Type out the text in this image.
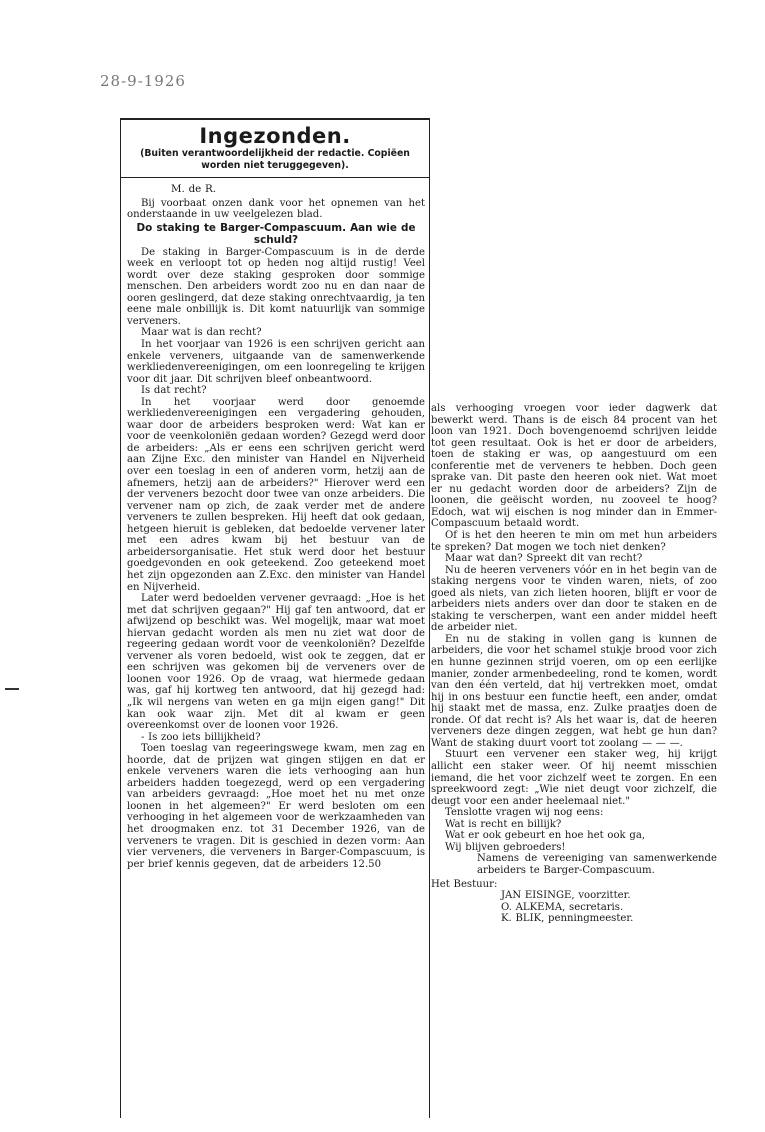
28-9-1926
Ingezonden.
(Buiten verantwoordelijkheid der redactie. Copiëen worden niet teruggegeven).
M. de R.

Bij voorbaat onzen dank voor het opnemen van het onderstaande in uw veelgelezen blad.

Do staking te Barger-Compascuum. Aan wie de schuld?

De staking in Barger-Compascuum is in de derde week en verloopt tot op heden nog altijd rustig! Veel wordt over deze staking gesproken door sommige menschen. Den arbeiders wordt zoo nu en dan naar de ooren geslingerd, dat deze staking onrechtvaardig, ja ten eene male onbillijk is. Dit komt natuurlijk van sommige verveners.

Maar wat is dan recht?

In het voorjaar van 1926 is een schrijven gericht aan enkele verveners, uitgaande van de samenwerkende werkliedenvereenigingen, om een loonregeling te krijgen voor dit jaar. Dit schrijven bleef onbeantwoord.

Is dat recht?

In het voorjaar werd door genoemde werkliedenvereenigingen een vergadering gehouden, waar door de arbeiders besproken werd: Wat kan er voor de veenkoloniën gedaan worden? Gezegd werd door de arbeiders: „Als er eens een schrijven gericht werd aan Zijne Exc. den minister van Handel en Nijverheid over een toeslag in een of anderen vorm, hetzij aan de afnemers, hetzij aan de arbeiders?" Hierover werd een der verveners bezocht door twee van onze arbeiders. Die vervener nam op zich, de zaak verder met de andere verveners te zullen bespreken. Hij heeft dat ook gedaan, hetgeen hieruit is gebleken, dat bedoelde vervener later met een adres kwam bij het bestuur van de arbeidersorganisatie. Het stuk werd door het bestuur goedgevonden en ook geteekend. Zoo geteekend moet het zijn opgezonden aan Z.Exc. den minister van Handel en Nijverheid.

Later werd bedoelden vervener gevraagd: „Hoe is het met dat schrijven gegaan?" Hij gaf ten antwoord, dat er afwijzend op beschikt was. Wel mogelijk, maar wat moet hiervan gedacht worden als men nu ziet wat door de regeering gedaan wordt voor de veenkoloniën? Dezelfde vervener als voren bedoeld, wist ook te zeggen, dat er een schrijven was gekomen bij de verveners over de loonen voor 1926. Op de vraag, wat hiermede gedaan was, gaf hij kortweg ten antwoord, dat hij gezegd had: „Ik wil nergens van weten en ga mijn eigen gang!" Dit kan ook waar zijn. Met dit al kwam er geen overeenkomst over de loonen voor 1926.

- Is zoo iets billijkheid?

Toen toeslag van regeeringswege kwam, men zag en hoorde, dat de prijzen wat gingen stijgen en dat er enkele verveners waren die iets verhooging aan hun arbeiders hadden toegezegd, werd op een vergadering van arbeiders gevraagd: „Hoe moet het nu met onze loonen in het algemeen?" Er werd besloten om een verhooging in het algemeen voor de werkzaamheden van het droogmaken enz. tot 31 December 1926, van de verveners te vragen. Dit is geschied in dezen vorm: Aan vier verveners, die verveners in Barger-Compascuum, is per brief kennis gegeven, dat de arbeiders 12.50

als verhooging vroegen voor ieder dagwerk dat bewerkt werd. Thans is de eisch 84 procent van het loon van 1921. Doch bovengenoemd schrijven leidde tot geen resultaat. Ook is het er door de arbeiders, toen de staking er was, op aangestuurd om een conferentie met de verveners te hebben. Doch geen sprake van. Dit paste den heeren ook niet. Wat moet er nu gedacht worden door de arbeiders? Zijn de loonen, die geëischt worden, nu zooveel te hoog? Edoch, wat wij eischen is nog minder dan in Emmer-Compascuum betaald wordt.

Of is het den heeren te min om met hun arbeiders te spreken? Dat mogen we toch niet denken?

Maar wat dan? Spreekt dit van recht?

Nu de heeren verveners vóór en in het begin van de staking nergens voor te vinden waren, niets, of zoo goed als niets, van zich lieten hooren, blijft er voor de arbeiders niets anders over dan door te staken en de staking te verscherpen, want een ander middel heeft de arbeider niet.

En nu de staking in vollen gang is kunnen de arbeiders, die voor het schamel stukje brood voor zich en hunne gezinnen strijd voeren, om op een eerlijke manier, zonder armenbedeeling, rond te komen, wordt van den één verteld, dat hij vertrekken moet, omdat hij in ons bestuur een functie heeft, een ander, omdat hij staakt met de massa, enz. Zulke praatjes doen de ronde. Of dat recht is? Als het waar is, dat de heeren verveners deze dingen zeggen, wat hebt ge hun dan? Want de staking duurt voort tot zoolang — — —.

Stuurt een vervener een staker weg, hij krijgt allicht een staker weer. Of hij neemt misschien iemand, die het voor zichzelf weet te zorgen. En een spreekwoord zegt: „Wie niet deugt voor zichzelf, die deugt voor een ander heelemaal niet."

Tenslotte vragen wij nog eens:

Wat is recht en billijk?

Wat er ook gebeurt en hoe het ook ga,

Wij blijven gebroeders!

Namens de vereeniging van samenwerkende arbeiders te Barger-Compascuum.

Het Bestuur:

JAN EISINGE, voorzitter.

O. ALKEMA, secretaris.

K. BLIK, penningmeester.
